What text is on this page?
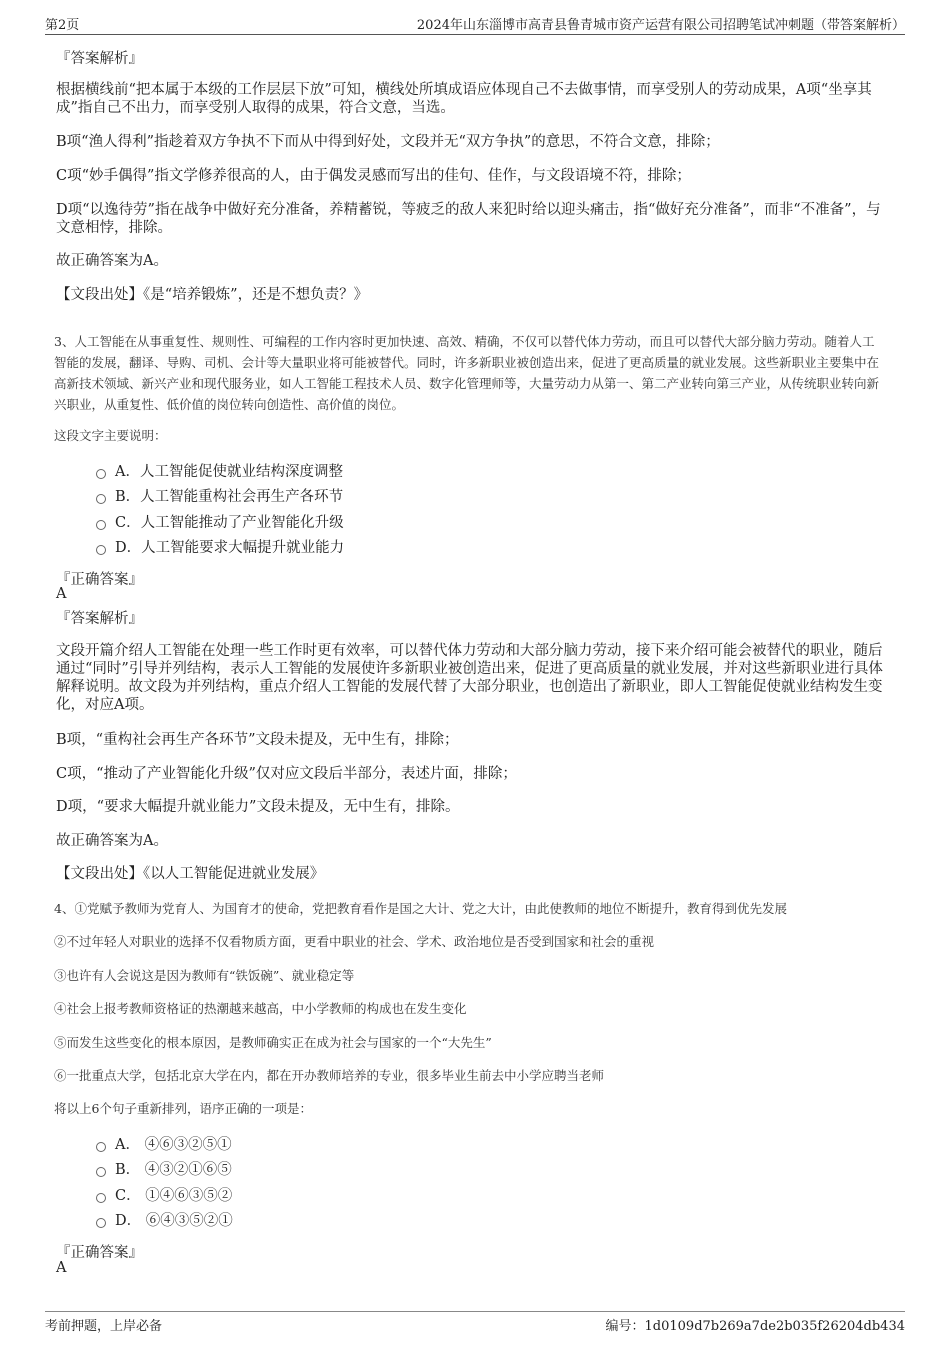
第2页	2024年山东淄博市高青县鲁青城市资产运营有限公司招聘笔试冲刺题（带答案解析）
『答案解析』
根据横线前“把本属于本级的工作层层下放”可知，横线处所填成语应体现自己不去做事情，而享受别人的劳动成果，A项“坐享其成”指自己不出力，而享受别人取得的成果，符合文意，当选。
B项“渔人得利”指趁着双方争执不下而从中得到好处，文段并无“双方争执”的意思，不符合文意，排除；
C项“妙手偶得”指文学修养很高的人，由于偶发灵感而写出的佳句、佳作，与文段语境不符，排除；
D项“以逸待劳”指在战争中做好充分准备，养精蓄锐，等疲乏的敌人来犯时给以迎头痛击，指“做好充分准备”，而非“不准备”，与文意相悖，排除。
故正确答案为A。
【文段出处】《是“培养锻炼”，还是不想负责？》
3、人工智能在从事重复性、规则性、可编程的工作内容时更加快速、高效、精确，不仅可以替代体力劳动，而且可以替代大部分脑力劳动。随着人工智能的发展，翻译、导购、司机、会计等大量职业将可能被替代。同时，许多新职业被创造出来，促进了更高质量的就业发展。这些新职业主要集中在高新技术领域、新兴产业和现代服务业，如人工智能工程技术人员、数字化管理师等，大量劳动力从第一、第二产业转向第三产业，从传统职业转向新兴职业，从重复性、低价值的岗位转向创造性、高价值的岗位。
这段文字主要说明：
A．人工智能促使就业结构深度调整
B．人工智能重构社会再生产各环节
C．人工智能推动了产业智能化升级
D．人工智能要求大幅提升就业能力
『正确答案』
A
『答案解析』
文段开篇介绍人工智能在处理一些工作时更有效率，可以替代体力劳动和大部分脑力劳动，接下来介绍可能会被替代的职业，随后通过“同时”引导并列结构，表示人工智能的发展使许多新职业被创造出来，促进了更高质量的就业发展，并对这些新职业进行具体解释说明。故文段为并列结构，重点介绍人工智能的发展代替了大部分职业，也创造出了新职业，即人工智能促使就业结构发生变化，对应A项。
B项，“重构社会再生产各环节”文段未提及，无中生有，排除；
C项，“推动了产业智能化升级”仅对应文段后半部分，表述片面，排除；
D项，“要求大幅提升就业能力”文段未提及，无中生有，排除。
故正确答案为A。
【文段出处】《以人工智能促进就业发展》
4、①党赋予教师为党育人、为国育才的使命，党把教育看作是国之大计、党之大计，由此使教师的地位不断提升，教育得到优先发展
②不过年轻人对职业的选择不仅看物质方面，更看中职业的社会、学术、政治地位是否受到国家和社会的重视
③也许有人会说这是因为教师有“铁饭碗”、就业稳定等
④社会上报考教师资格证的热潮越来越高，中小学教师的构成也在发生变化
⑤而发生这些变化的根本原因，是教师确实正在成为社会与国家的一个“大先生”
⑥一批重点大学，包括北京大学在内，都在开办教师培养的专业，很多毕业生前去中小学应聘当老师
将以上6个句子重新排列，语序正确的一项是：
A． ④⑥③②⑤①
B． ④③②①⑥⑤
C． ①④⑥③⑤②
D． ⑥④③⑤②①
『正确答案』
A
考前押题，上岸必备	编号：1d0109d7b269a7de2b035f26204db434
